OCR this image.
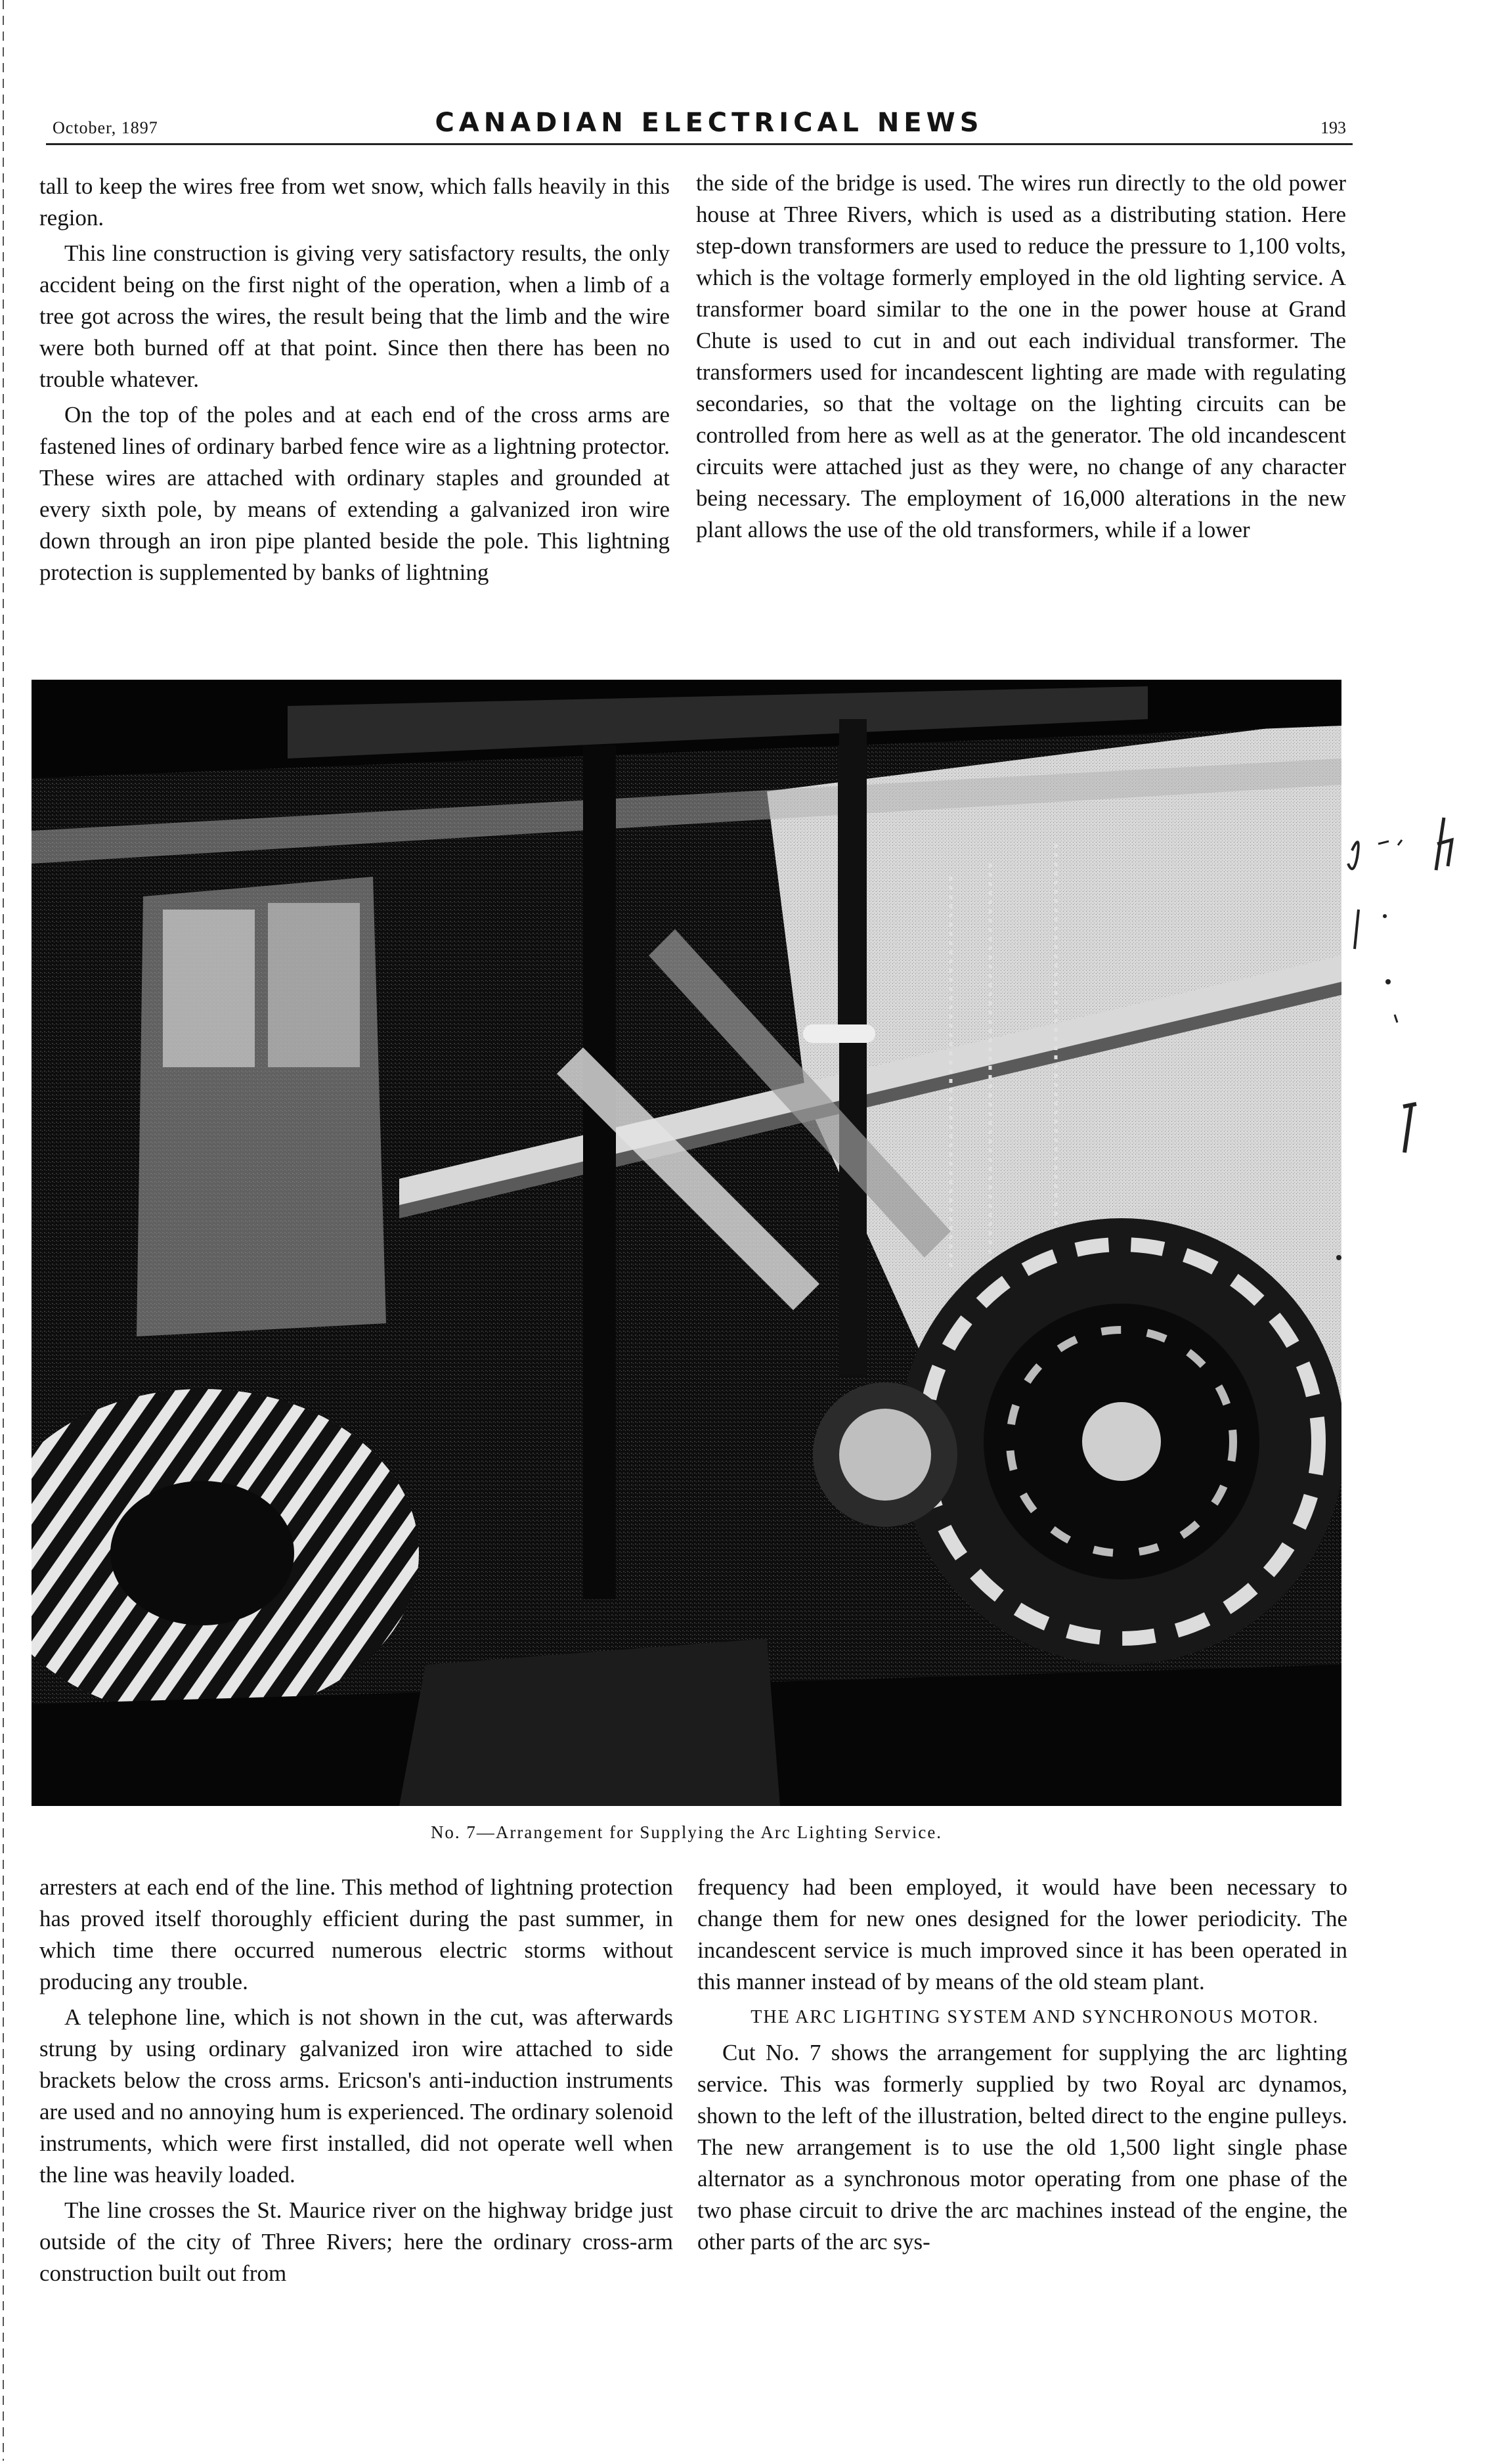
October, 1897	CANADIAN ELECTRICAL NEWS	193

tall to keep the wires free from wet snow, which falls heavily in this region.

This line construction is giving very satisfactory results, the only accident being on the first night of the operation, when a limb of a tree got across the wires, the result being that the limb and the wire were both burned off at that point. Since then there has been no trouble whatever.

On the top of the poles and at each end of the cross arms are fastened lines of ordinary barbed fence wire as a lightning protector. These wires are attached with ordinary staples and grounded at every sixth pole, by means of extending a galvanized iron wire down through an iron pipe planted beside the pole. This lightning protection is supplemented by banks of lightning

the side of the bridge is used. The wires run directly to the old power house at Three Rivers, which is used as a distributing station. Here step-down transformers are used to reduce the pressure to 1,100 volts, which is the voltage formerly employed in the old lighting service. A transformer board similar to the one in the power house at Grand Chute is used to cut in and out each individual transformer. The transformers used for incandescent lighting are made with regulating secondaries, so that the voltage on the lighting circuits can be controlled from here as well as at the generator. The old incandescent circuits were attached just as they were, no change of any character being necessary. The employment of 16,000 alterations in the new plant allows the use of the old transformers, while if a lower

No. 7—Arrangement for Supplying the Arc Lighting Service.

arresters at each end of the line. This method of lightning protection has proved itself thoroughly efficient during the past summer, in which time there occurred numerous electric storms without producing any trouble.

A telephone line, which is not shown in the cut, was afterwards strung by using ordinary galvanized iron wire attached to side brackets below the cross arms. Ericson's anti-induction instruments are used and no annoying hum is experienced. The ordinary solenoid instruments, which were first installed, did not operate well when the line was heavily loaded.

The line crosses the St. Maurice river on the highway bridge just outside of the city of Three Rivers; here the ordinary cross-arm construction built out from

frequency had been employed, it would have been necessary to change them for new ones designed for the lower periodicity. The incandescent service is much improved since it has been operated in this manner instead of by means of the old steam plant.

THE ARC LIGHTING SYSTEM AND SYNCHRONOUS MOTOR.

Cut No. 7 shows the arrangement for supplying the arc lighting service. This was formerly supplied by two Royal arc dynamos, shown to the left of the illustration, belted direct to the engine pulleys. The new arrangement is to use the old 1,500 light single phase alternator as a synchronous motor operating from one phase of the two phase circuit to drive the arc machines instead of the engine, the other parts of the arc sys-
